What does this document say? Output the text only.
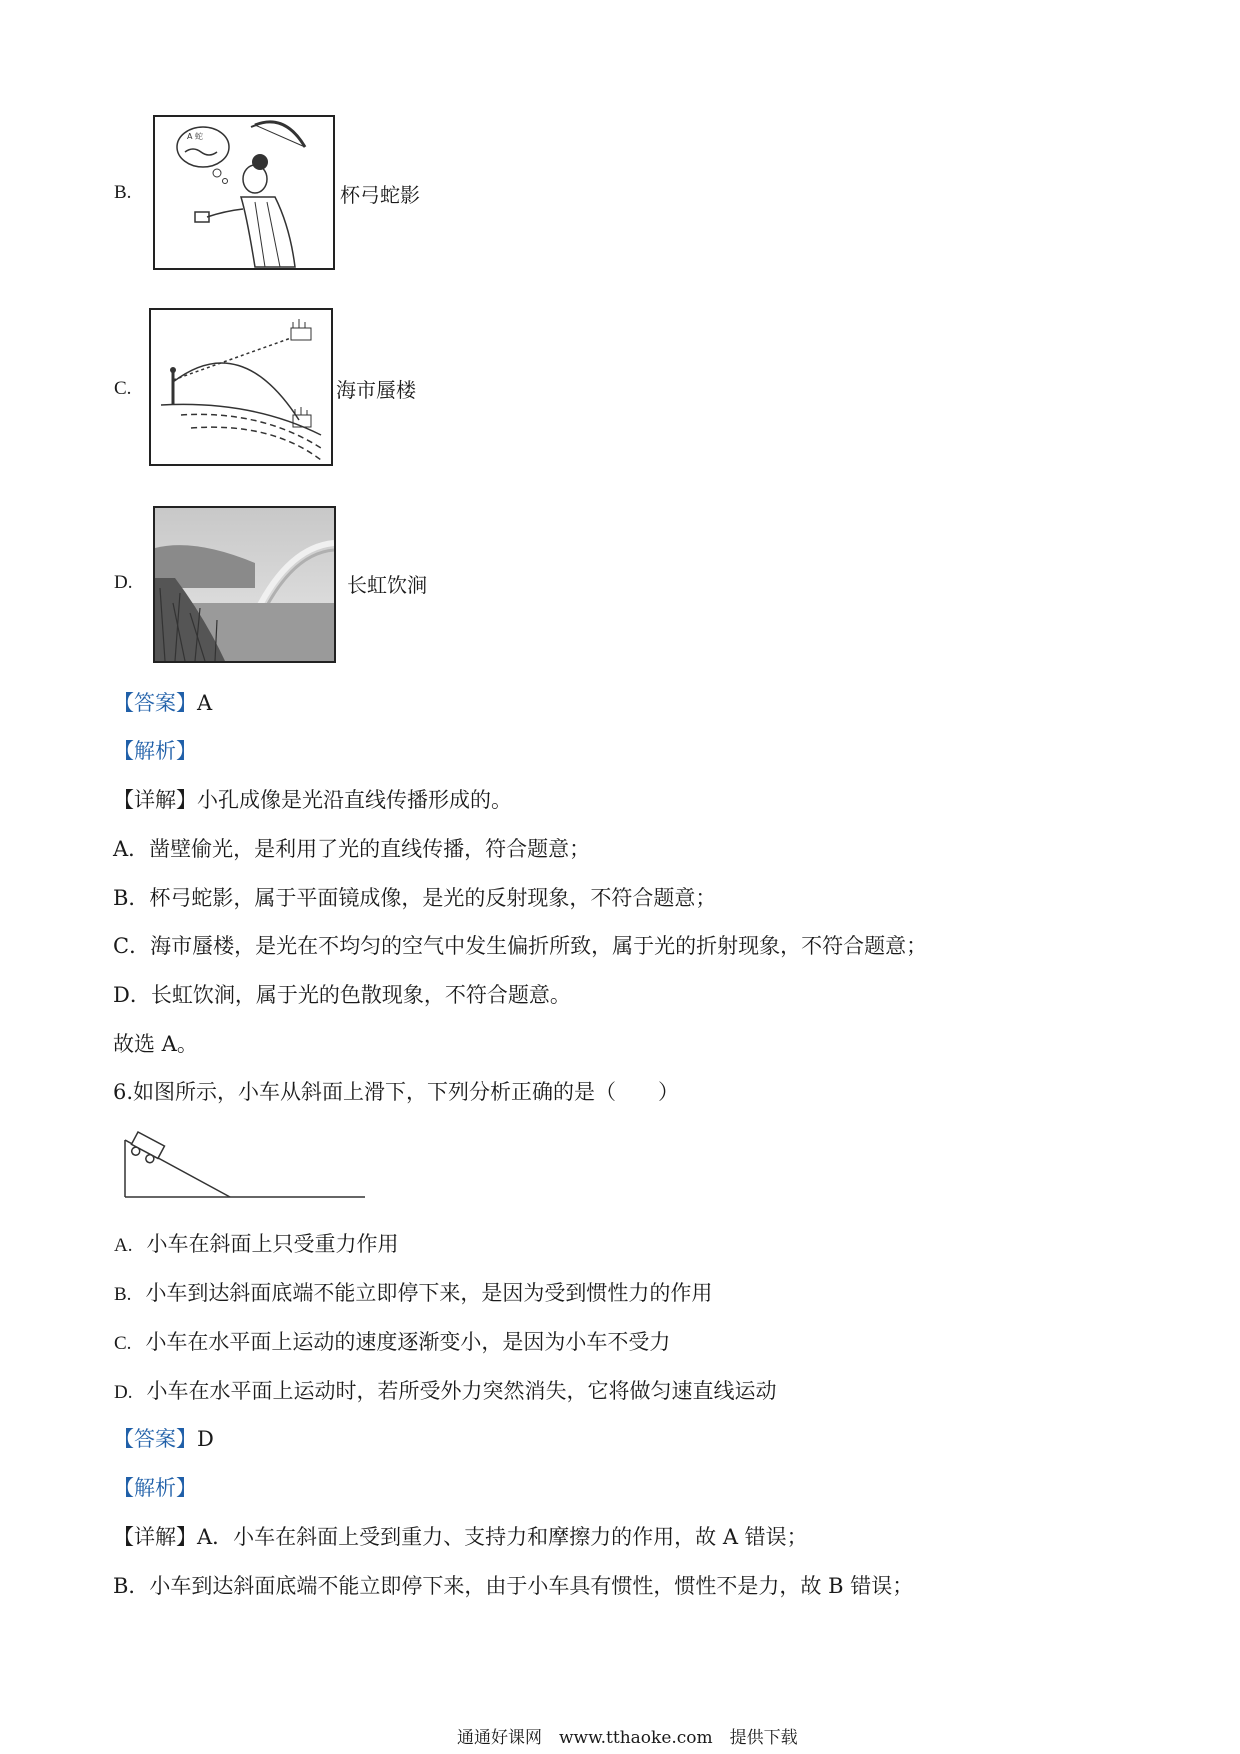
B.
A 蛇
杯弓蛇影
C.	海市蜃楼
D.	长虹饮涧
【答案】A
【解析】
【详解】小孔成像是光沿直线传播形成的。
A．凿壁偷光，是利用了光的直线传播，符合题意；
B．杯弓蛇影，属于平面镜成像，是光的反射现象，不符合题意；
C．海市蜃楼，是光在不均匀的空气中发生偏折所致，属于光的折射现象，不符合题意；
D．长虹饮涧，属于光的色散现象，不符合题意。
故选 A。
6.如图所示，小车从斜面上滑下，下列分析正确的是（　　）
A. 小车在斜面上只受重力作用
B. 小车到达斜面底端不能立即停下来，是因为受到惯性力的作用
C. 小车在水平面上运动的速度逐渐变小，是因为小车不受力
D. 小车在水平面上运动时，若所受外力突然消失，它将做匀速直线运动
【答案】D
【解析】
【详解】A．小车在斜面上受到重力、支持力和摩擦力的作用，故 A 错误；
B．小车到达斜面底端不能立即停下来，由于小车具有惯性，惯性不是力，故 B 错误；
通通好课网　www.tthaoke.com　提供下载
